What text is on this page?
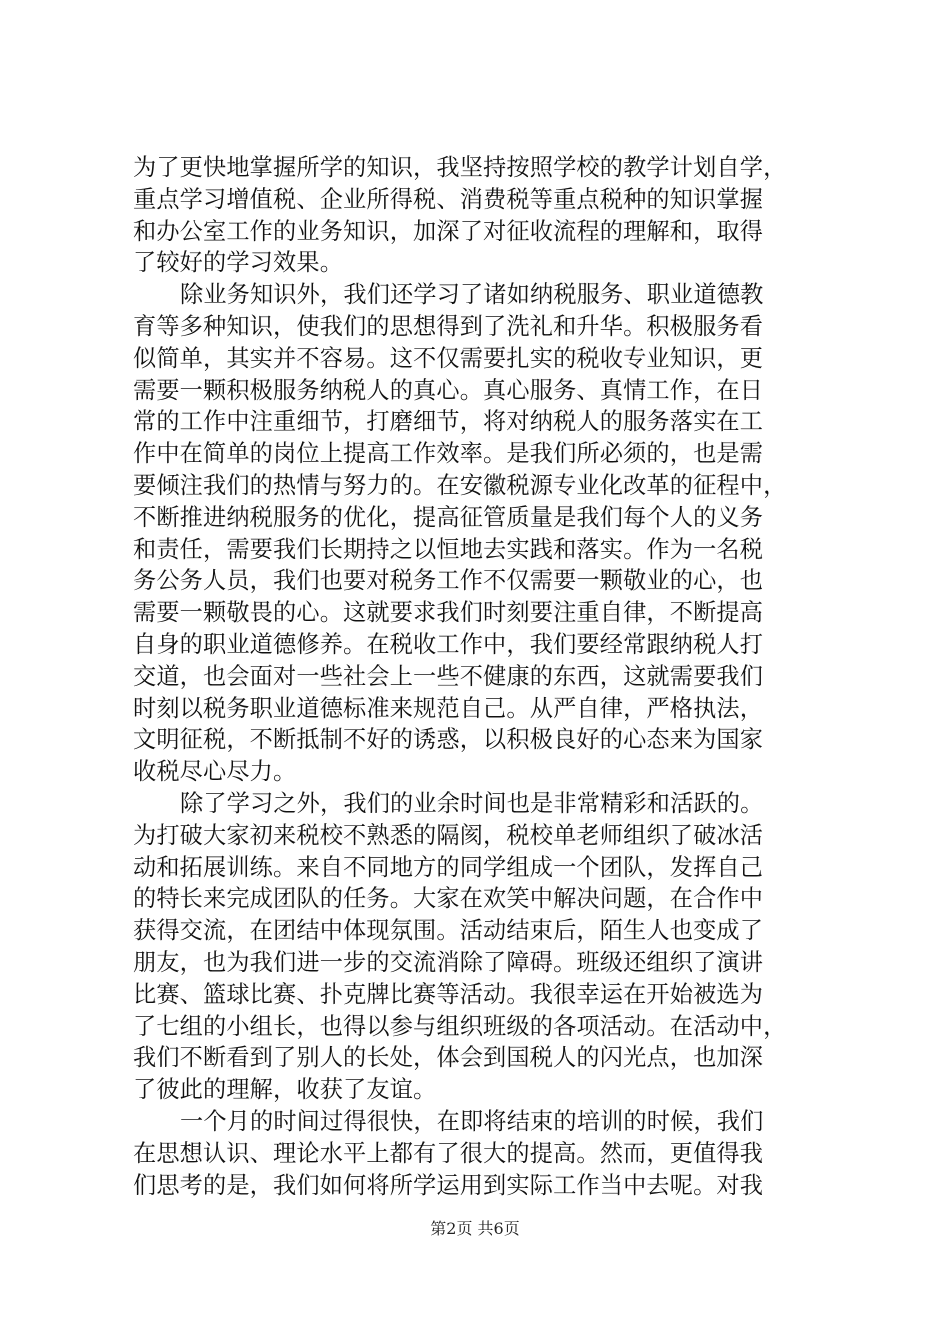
为了更快地掌握所学的知识，我坚持按照学校的教学计划自学，
重点学习增值税、企业所得税、消费税等重点税种的知识掌握
和办公室工作的业务知识，加深了对征收流程的理解和，取得
了较好的学习效果。
除业务知识外，我们还学习了诸如纳税服务、职业道德教
育等多种知识，使我们的思想得到了洗礼和升华。积极服务看
似简单，其实并不容易。这不仅需要扎实的税收专业知识，更
需要一颗积极服务纳税人的真心。真心服务、真情工作，在日
常的工作中注重细节，打磨细节，将对纳税人的服务落实在工
作中在简单的岗位上提高工作效率。是我们所必须的，也是需
要倾注我们的热情与努力的。在安徽税源专业化改革的征程中，
不断推进纳税服务的优化，提高征管质量是我们每个人的义务
和责任，需要我们长期持之以恒地去实践和落实。作为一名税
务公务人员，我们也要对税务工作不仅需要一颗敬业的心，也
需要一颗敬畏的心。这就要求我们时刻要注重自律，不断提高
自身的职业道德修养。在税收工作中，我们要经常跟纳税人打
交道，也会面对一些社会上一些不健康的东西，这就需要我们
时刻以税务职业道德标准来规范自己。从严自律，严格执法，
文明征税，不断抵制不好的诱惑，以积极良好的心态来为国家
收税尽心尽力。
除了学习之外，我们的业余时间也是非常精彩和活跃的。
为打破大家初来税校不熟悉的隔阂，税校单老师组织了破冰活
动和拓展训练。来自不同地方的同学组成一个团队，发挥自己
的特长来完成团队的任务。大家在欢笑中解决问题，在合作中
获得交流，在团结中体现氛围。活动结束后，陌生人也变成了
朋友，也为我们进一步的交流消除了障碍。班级还组织了演讲
比赛、篮球比赛、扑克牌比赛等活动。我很幸运在开始被选为
了七组的小组长，也得以参与组织班级的各项活动。在活动中，
我们不断看到了别人的长处，体会到国税人的闪光点，也加深
了彼此的理解，收获了友谊。
一个月的时间过得很快，在即将结束的培训的时候，我们
在思想认识、理论水平上都有了很大的提高。然而，更值得我
们思考的是，我们如何将所学运用到实际工作当中去呢。对我
第2页 共6页
